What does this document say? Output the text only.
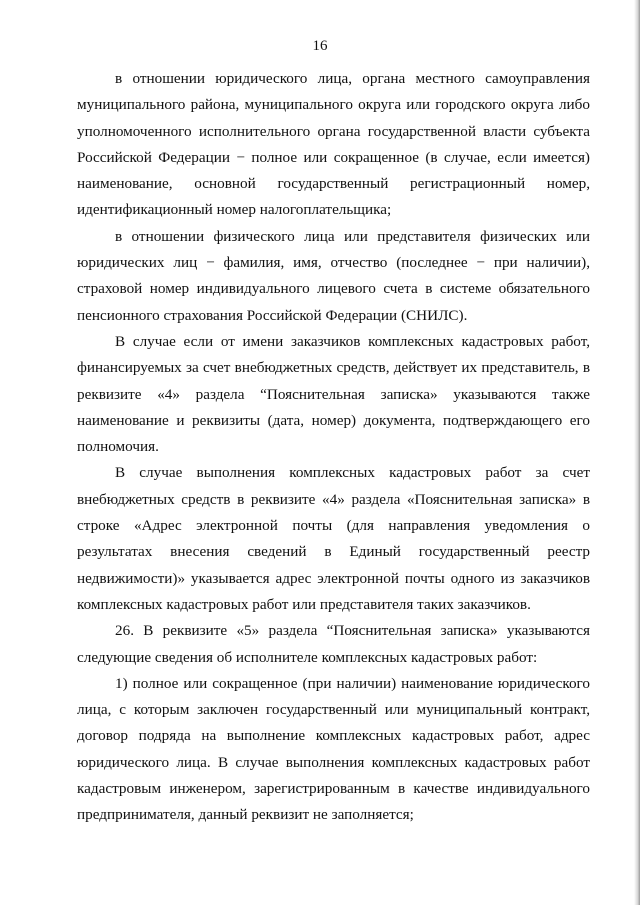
16

в отношении юридического лица, органа местного самоуправления муниципального района, муниципального округа или городского округа либо уполномоченного исполнительного органа государственной власти субъекта Российской Федерации − полное или сокращенное (в случае, если имеется) наименование, основной государственный регистрационный номер, идентификационный номер налогоплательщика;

в отношении физического лица или представителя физических или юридических лиц − фамилия, имя, отчество (последнее − при наличии), страховой номер индивидуального лицевого счета в системе обязательного пенсионного страхования Российской Федерации (СНИЛС).

В случае если от имени заказчиков комплексных кадастровых работ, финансируемых за счет внебюджетных средств, действует их представитель, в реквизите «4» раздела “Пояснительная записка» указываются также наименование и реквизиты (дата, номер) документа, подтверждающего его полномочия.

В случае выполнения комплексных кадастровых работ за счет внебюджетных средств в реквизите «4» раздела «Пояснительная записка» в строке «Адрес электронной почты (для направления уведомления о результатах внесения сведений в Единый государственный реестр недвижимости)» указывается адрес электронной почты одного из заказчиков комплексных кадастровых работ или представителя таких заказчиков.

26. В реквизите «5» раздела “Пояснительная записка» указываются следующие сведения об исполнителе комплексных кадастровых работ:

1) полное или сокращенное (при наличии) наименование юридического лица, с которым заключен государственный или муниципальный контракт, договор подряда на выполнение комплексных кадастровых работ, адрес юридического лица. В случае выполнения комплексных кадастровых работ кадастровым инженером, зарегистрированным в качестве индивидуального предпринимателя, данный реквизит не заполняется;
